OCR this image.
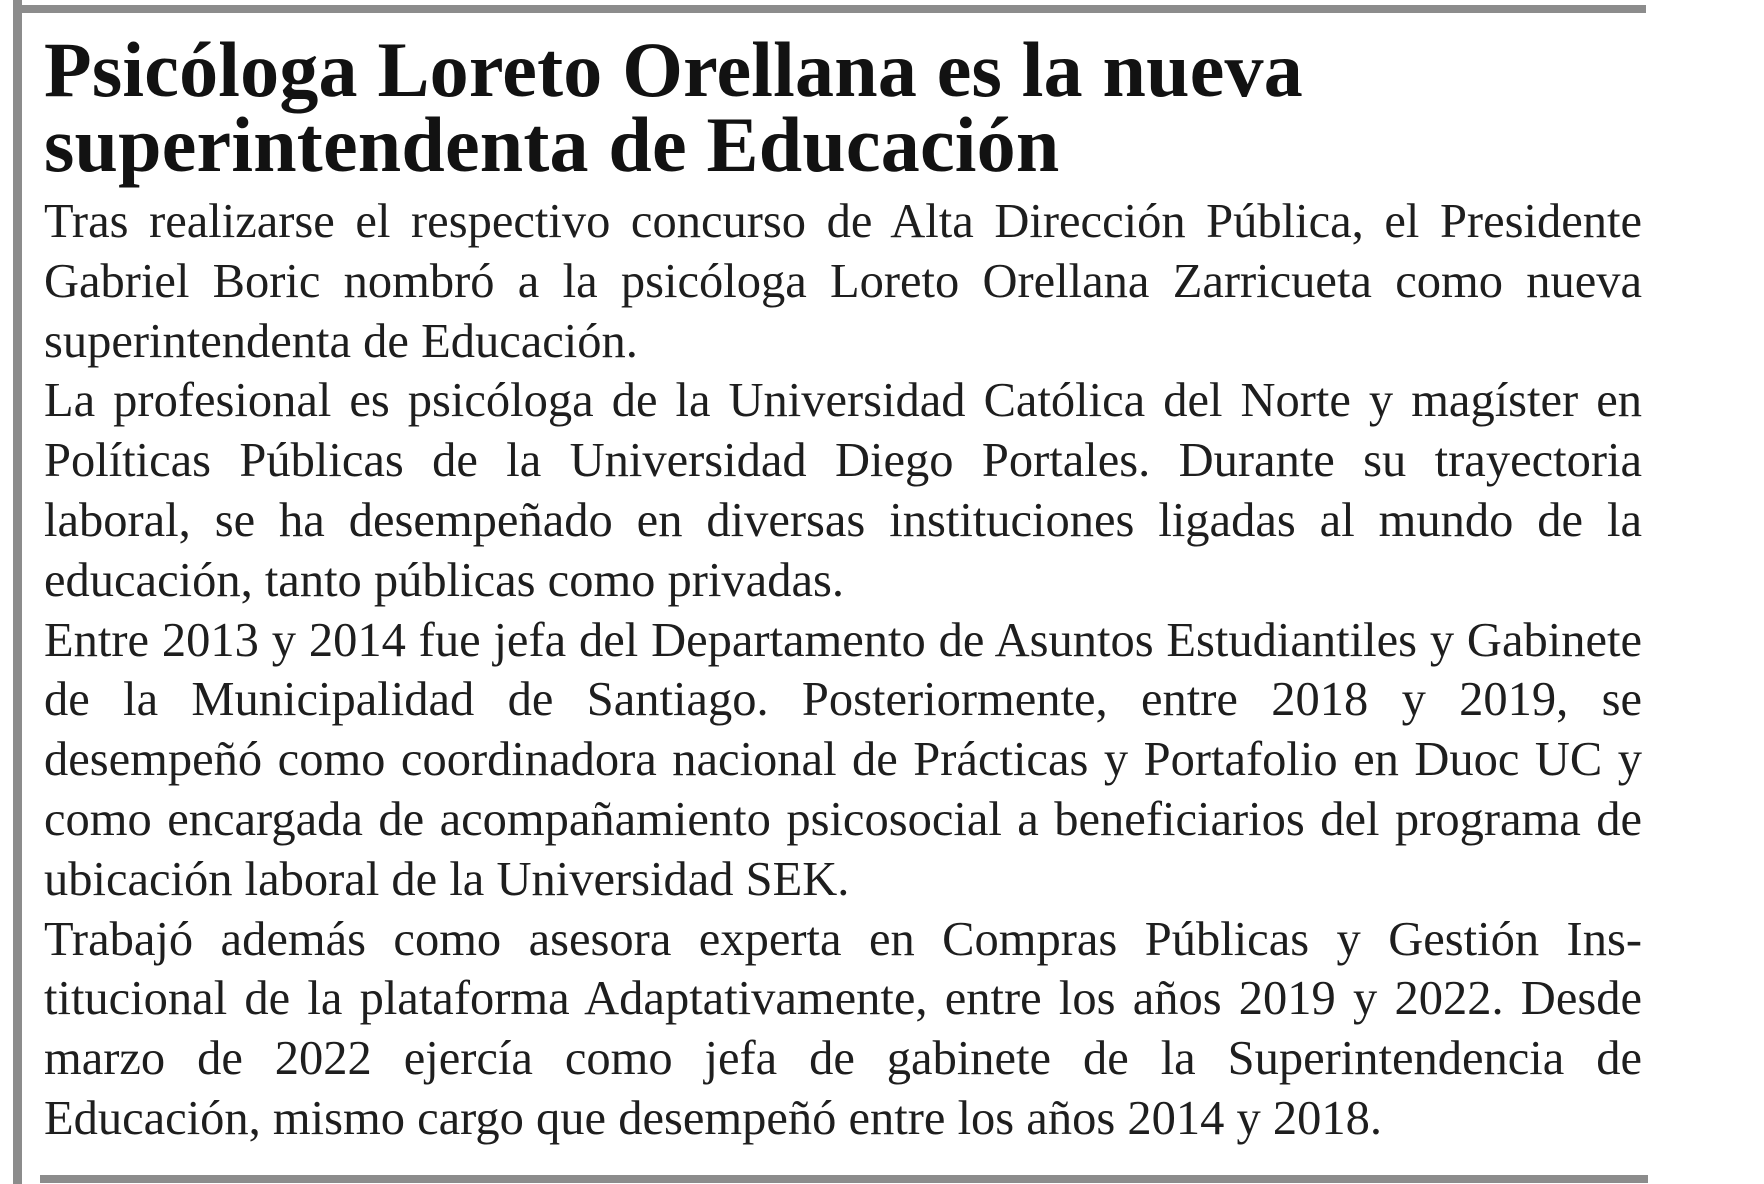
Psicóloga Loreto Orellana es la nueva superintendenta de Educación

Tras realizarse el respectivo concurso de Alta Dirección Pública, el Presidente Gabriel Boric nombró a la psicóloga Loreto Orellana Zarricueta como nueva superintendenta de Educación.

La profesional es psicóloga de la Universidad Católica del Norte y magíster en Políticas Públicas de la Universidad Diego Portales. Durante su trayectoria laboral, se ha desempeñado en diversas instituciones ligadas al mundo de la educación, tanto públicas como privadas.

Entre 2013 y 2014 fue jefa del Departamento de Asuntos Estudiantiles y Gabinete de la Municipalidad de Santiago. Posteriormente, entre 2018 y 2019, se desempeñó como coordinadora nacional de Prácticas y Portafolio en Duoc UC y como encargada de acompañamiento psicosocial a beneficiarios del programa de ubicación laboral de la Universidad SEK.

Trabajó además como asesora experta en Compras Públicas y Gestión Institucional de la plataforma Adaptativamente, entre los años 2019 y 2022. Desde marzo de 2022 ejercía como jefa de gabinete de la Superintendencia de Educación, mismo cargo que desempeñó entre los años 2014 y 2018.
